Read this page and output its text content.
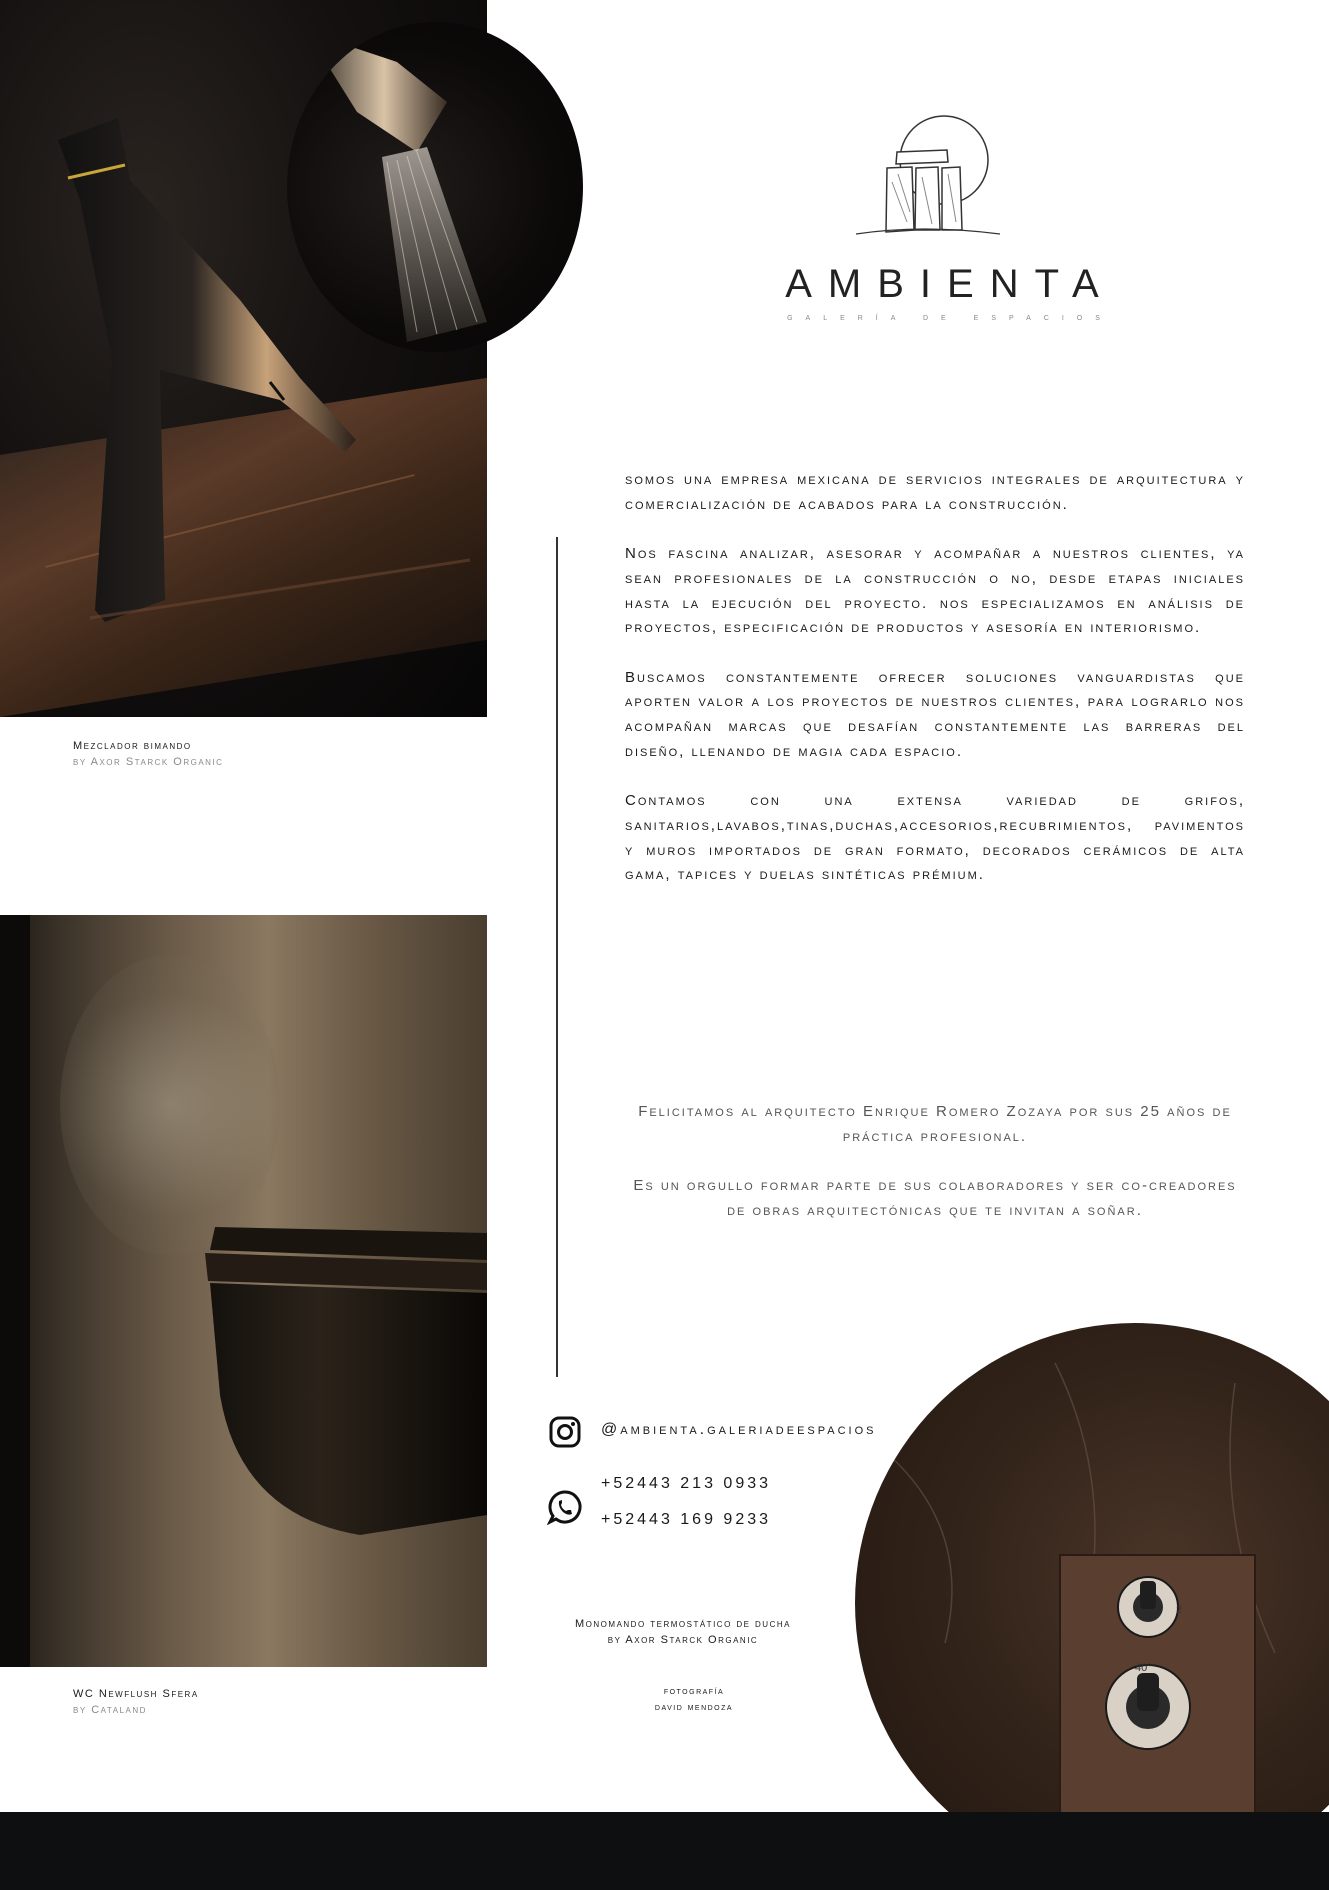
Mezclador bimando
by Axor Starck Organic
WC Newflush Sfera
by Cataland
AMBIENTA
GALERÍA DE ESPACIOS

somos una empresa mexicana de servicios integrales de arquitectura y comercialización de acabados para la construcción.

Nos fascina analizar, asesorar y acompañar a nuestros clientes, ya sean profesionales de la construcción o no, desde etapas iniciales hasta la ejecución del proyecto. nos especializamos en análisis de proyectos, especificación de productos y asesoría en interiorismo.

Buscamos constantemente ofrecer soluciones vanguardistas que aporten valor a los proyectos de nuestros clientes, para lograrlo nos acompañan marcas que desafían constantemente las barreras del diseño, llenando de magia cada espacio.

Contamos con una extensa variedad de grifos, sanitarios,lavabos,tinas,duchas,accesorios,recubrimientos, pavimentos y muros importados de gran formato, decorados cerámicos de alta gama, tapices y duelas sintéticas prémium.

Felicitamos al arquitecto Enrique Romero Zozaya por sus 25 años de práctica profesional.

Es un orgullo formar parte de sus colaboradores y ser co-creadores de obras arquitectónicas que te invitan a soñar.

2
40°
@ambienta.galeriadeespacios
+52443 213 0933
+52443 169 9233
Monomando termostático de ducha
by Axor Starck Organic
fotografía
david mendoza
